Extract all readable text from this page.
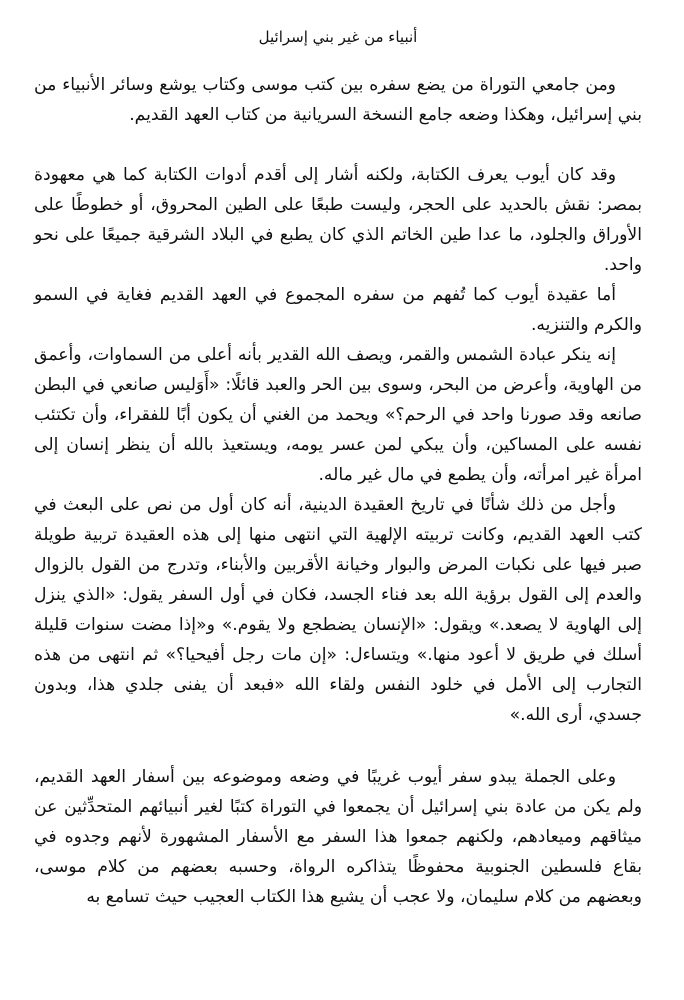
أنبياء من غير بني إسرائيل

ومن جامعي التوراة من يضع سفره بين كتب موسى وكتاب يوشع وسائر الأنبياء من بني إسرائيل، وهكذا وضعه جامع النسخة السريانية من كتاب العهد القديم.

وقد كان أيوب يعرف الكتابة، ولكنه أشار إلى أقدم أدوات الكتابة كما هي معهودة بمصر: نقش بالحديد على الحجر، وليست طبعًا على الطين المحروق، أو خطوطًا على الأوراق والجلود، ما عدا طين الخاتم الذي كان يطبع في البلاد الشرقية جميعًا على نحو واحد.

أما عقيدة أيوب كما تُفهم من سفره المجموع في العهد القديم فغاية في السمو والكرم والتنزيه.

إنه ينكر عبادة الشمس والقمر، ويصف الله القدير بأنه أعلى من السماوات، وأعمق من الهاوية، وأعرض من البحر، وسوى بين الحر والعبد قائلًا: «أَوَليس صانعي في البطن صانعه وقد صورنا واحد في الرحم؟» ويحمد من الغني أن يكون أبًا للفقراء، وأن تكتئب نفسه على المساكين، وأن يبكي لمن عسر يومه، ويستعيذ بالله أن ينظر إنسان إلى امرأة غير امرأته، وأن يطمع في مال غير ماله.

وأجل من ذلك شأنًا في تاريخ العقيدة الدينية، أنه كان أول من نص على البعث في كتب العهد القديم، وكانت تربيته الإلهية التي انتهى منها إلى هذه العقيدة تربية طويلة صبر فيها على نكبات المرض والبوار وخيانة الأقربين والأبناء، وتدرج من القول بالزوال والعدم إلى القول برؤية الله بعد فناء الجسد، فكان في أول السفر يقول: «الذي ينزل إلى الهاوية لا يصعد.» ويقول: «الإنسان يضطجع ولا يقوم.» و«إذا مضت سنوات قليلة أسلك في طريق لا أعود منها.» ويتساءل: «إن مات رجل أفيحيا؟» ثم انتهى من هذه التجارب إلى الأمل في خلود النفس ولقاء الله «فبعد أن يفنى جلدي هذا، وبدون جسدي، أرى الله.»

وعلى الجملة يبدو سفر أيوب غريبًا في وضعه وموضوعه بين أسفار العهد القديم، ولم يكن من عادة بني إسرائيل أن يجمعوا في التوراة كتبًا لغير أنبيائهم المتحدِّثين عن ميثاقهم وميعادهم، ولكنهم جمعوا هذا السفر مع الأسفار المشهورة لأنهم وجدوه في بقاع فلسطين الجنوبية محفوظًا يتذاكره الرواة، وحسبه بعضهم من كلام موسى، وبعضهم من كلام سليمان، ولا عجب أن يشيع هذا الكتاب العجيب حيث تسامع به
